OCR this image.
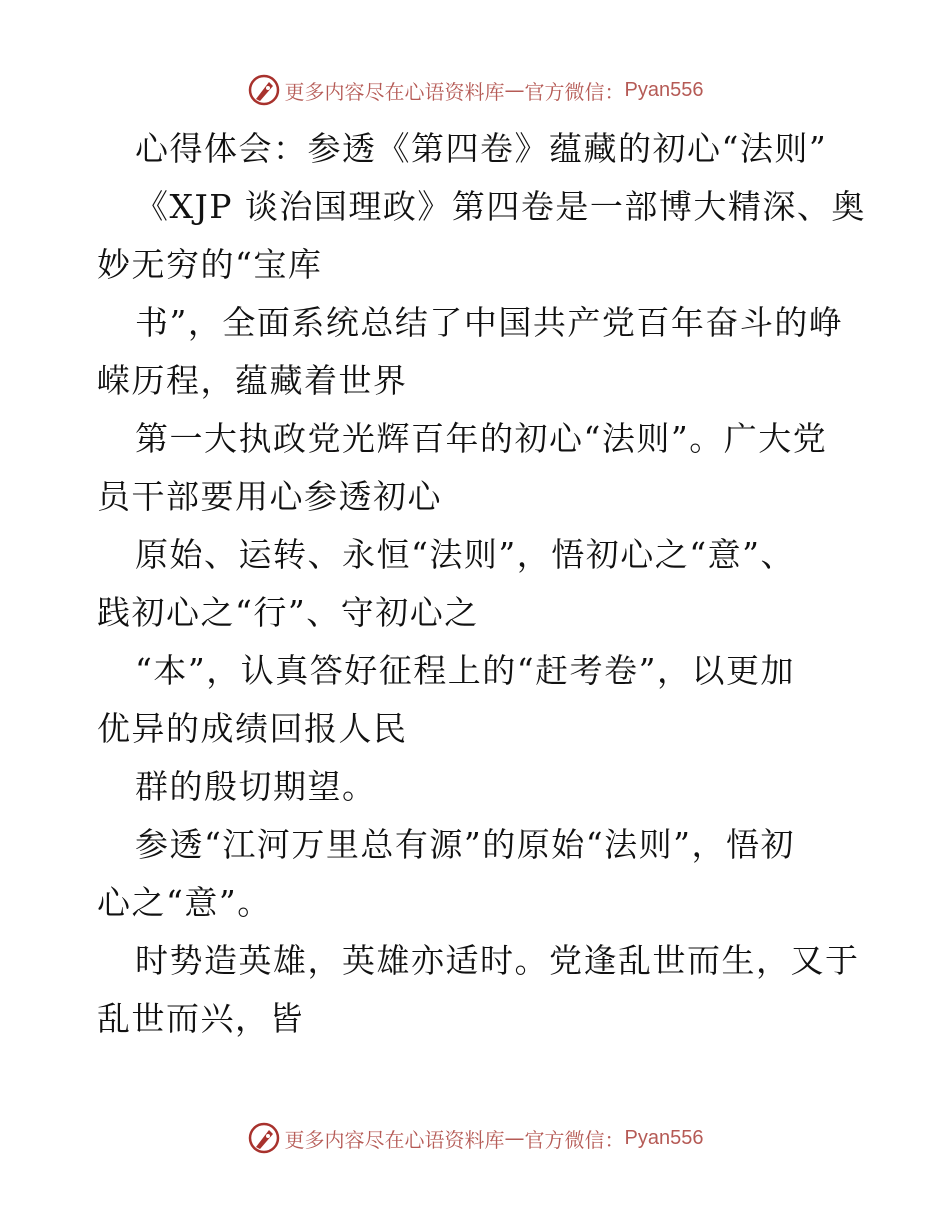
更多内容尽在心语资料库 — 官方微信： Pyan556
心得体会：参透《第四卷》蕴藏的初心“法则”
《XJP 谈治国理政》第四卷是一部博大精深、奥
妙无穷的“宝库
书”，全面系统总结了中国共产党百年奋斗的峥
嵘历程，蕴藏着世界
第一大执政党光辉百年的初心“法则”。广大党
员干部要用心参透初心
原始、运转、永恒“法则”，悟初心之“意”、
践初心之“行”、守初心之
“本”，认真答好征程上的“赶考卷”，以更加
优异的成绩回报人民
群的殷切期望。
参透“江河万里总有源”的原始“法则”，悟初
心之“意”。
时势造英雄，英雄亦适时。党逢乱世而生，又于
乱世而兴，皆
更多内容尽在心语资料库 — 官方微信： Pyan556
